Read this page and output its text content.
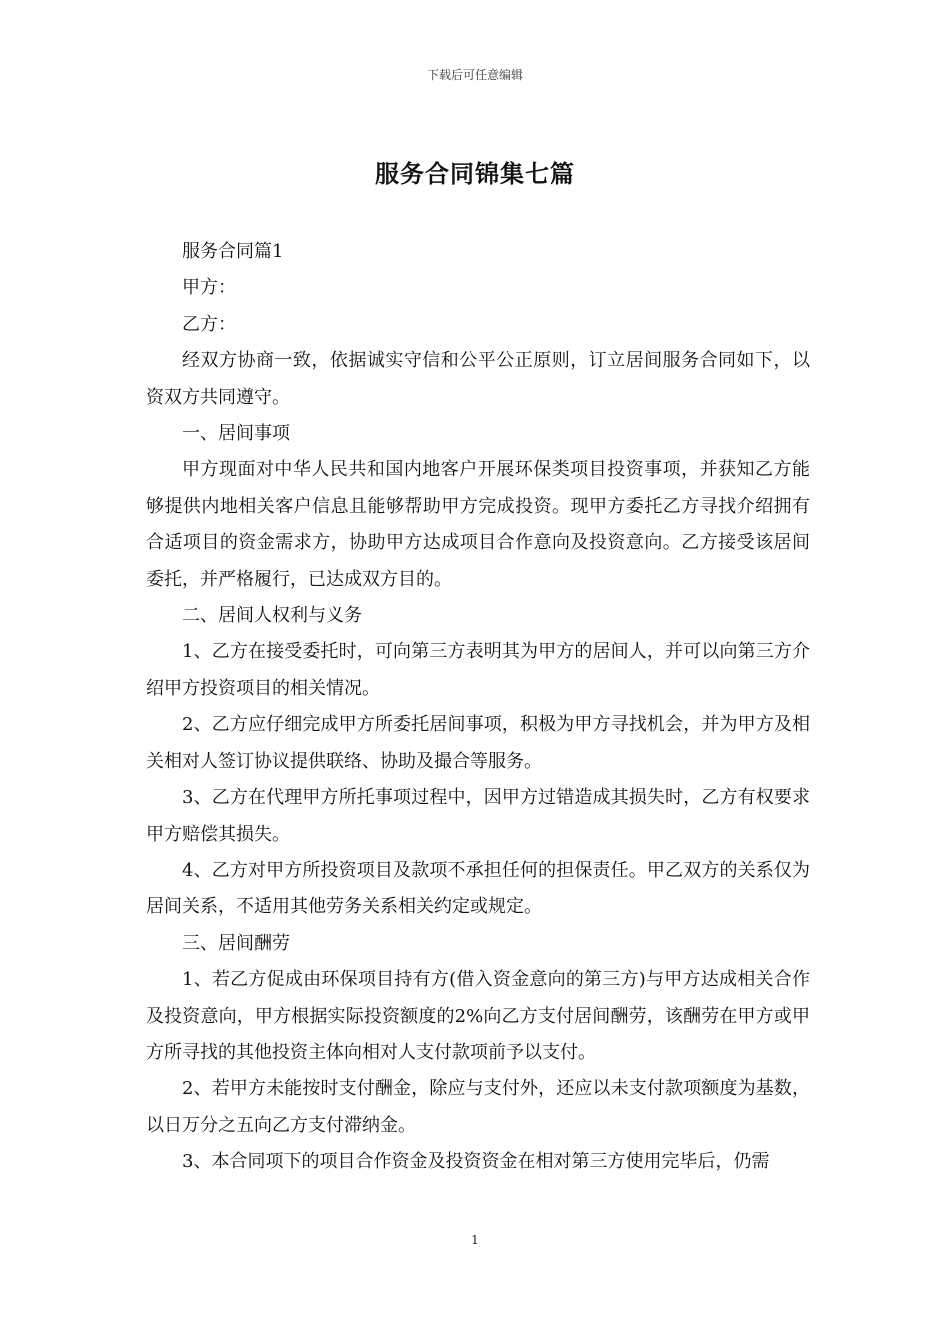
下载后可任意编辑
服务合同锦集七篇

服务合同篇1

甲方：

乙方：

经双方协商一致，依据诚实守信和公平公正原则，订立居间服务合同如下，以资双方共同遵守。

一、居间事项

甲方现面对中华人民共和国内地客户开展环保类项目投资事项，并获知乙方能够提供内地相关客户信息且能够帮助甲方完成投资。现甲方委托乙方寻找介绍拥有合适项目的资金需求方，协助甲方达成项目合作意向及投资意向。乙方接受该居间委托，并严格履行，已达成双方目的。

二、居间人权利与义务

1、乙方在接受委托时，可向第三方表明其为甲方的居间人，并可以向第三方介绍甲方投资项目的相关情况。

2、乙方应仔细完成甲方所委托居间事项，积极为甲方寻找机会，并为甲方及相关相对人签订协议提供联络、协助及撮合等服务。

3、乙方在代理甲方所托事项过程中，因甲方过错造成其损失时，乙方有权要求甲方赔偿其损失。

4、乙方对甲方所投资项目及款项不承担任何的担保责任。甲乙双方的关系仅为居间关系，不适用其他劳务关系相关约定或规定。

三、居间酬劳

1、若乙方促成由环保项目持有方(借入资金意向的第三方)与甲方达成相关合作及投资意向，甲方根据实际投资额度的2%向乙方支付居间酬劳，该酬劳在甲方或甲方所寻找的其他投资主体向相对人支付款项前予以支付。

2、若甲方未能按时支付酬金，除应与支付外，还应以未支付款项额度为基数，以日万分之五向乙方支付滞纳金。

3、本合同项下的项目合作资金及投资资金在相对第三方使用完毕后，仍需

1
